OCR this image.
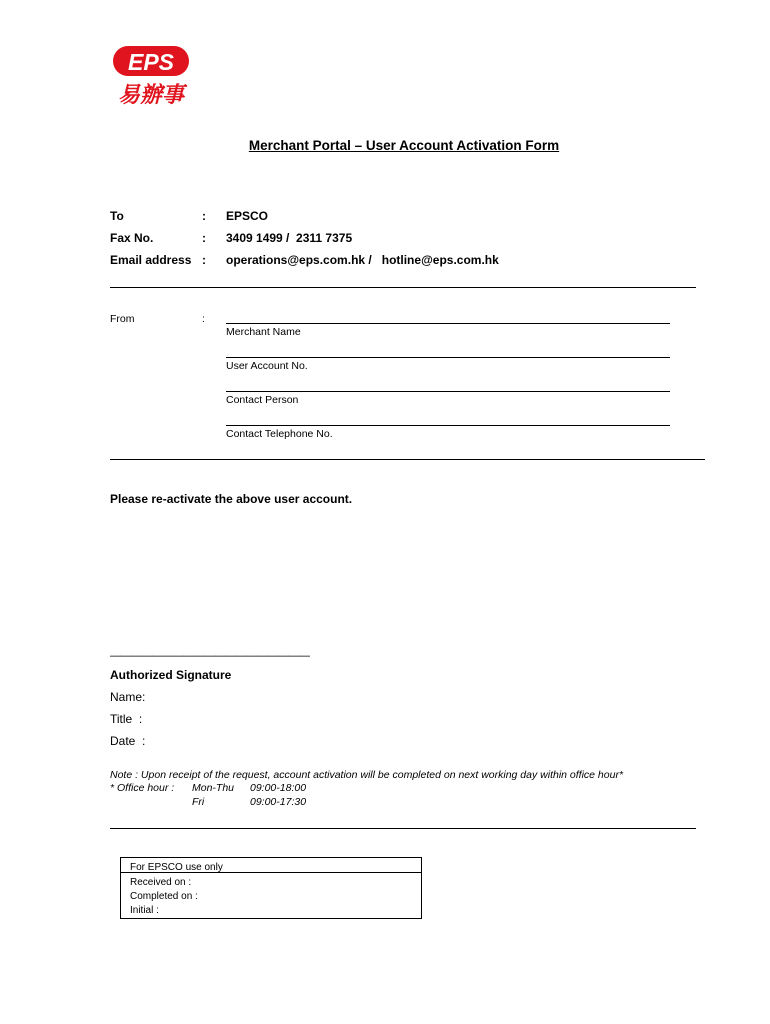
EPS
易辦事
Merchant Portal – User Account Activation Form
To	: EPSCO
Fax No.	: 3409 1499 /  2311 7375
Email address : operations@eps.com.hk /   hotline@eps.com.hk
From	:
Merchant Name
User Account No.
Contact Person
Contact Telephone No.
Please re-activate the above user account.
———————————————————
Authorized Signature
Name:
Title  :
Date  :
Note : Upon receipt of the request, account activation will be completed on next working day within office hour*
* Office hour : Mon-Thu 09:00-18:00
Fri	09:00-17:30
For EPSCO use only
Received on :
Completed on :
Initial :
